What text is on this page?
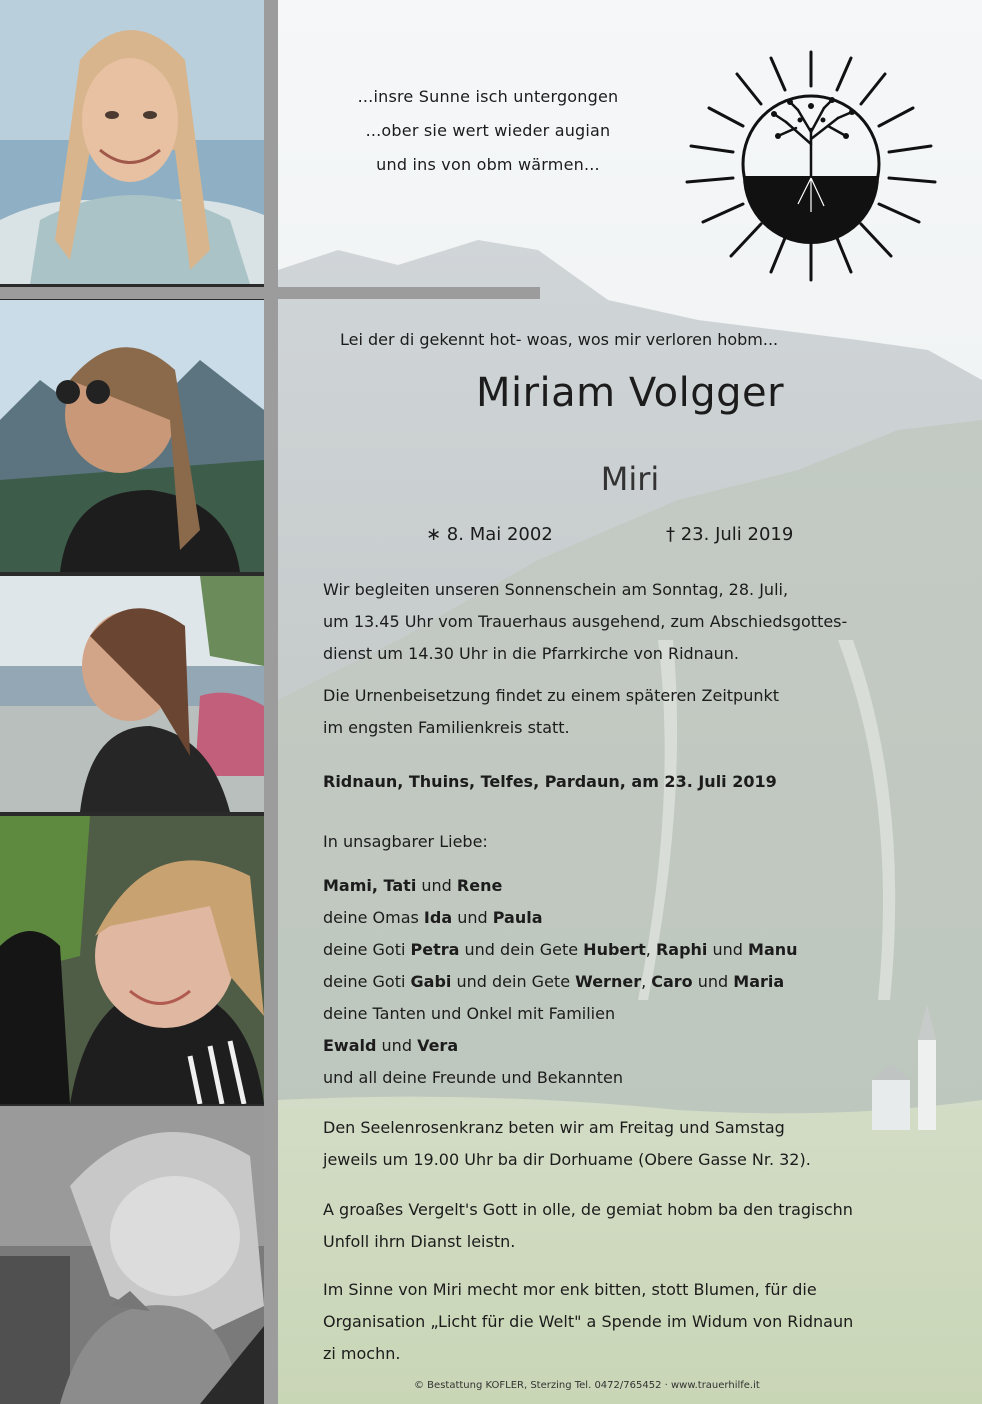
...insre Sunne isch untergongen
...ober sie wert wieder augian
und ins von obm wärmen...
Lei der di gekennt hot- woas, wos mir verloren hobm...
Miriam Volgger
Miri
∗ 8. Mai 2002	† 23. Juli 2019
Wir begleiten unseren Sonnenschein am Sonntag, 28. Juli,
um 13.45 Uhr vom Trauerhaus ausgehend, zum Abschiedsgottes-
dienst um 14.30 Uhr in die Pfarrkirche von Ridnaun.
Die Urnenbeisetzung findet zu einem späteren Zeitpunkt
im engsten Familienkreis statt.
Ridnaun, Thuins, Telfes, Pardaun, am 23. Juli 2019
In unsagbarer Liebe:
Mami, Tati und Rene
deine Omas Ida und Paula
deine Goti Petra und dein Gete Hubert, Raphi und Manu
deine Goti Gabi und dein Gete Werner, Caro und Maria
deine Tanten und Onkel mit Familien
Ewald und Vera
und all deine Freunde und Bekannten
Den Seelenrosenkranz beten wir am Freitag und Samstag
jeweils um 19.00 Uhr ba dir Dorhuame (Obere Gasse Nr. 32).
A groaßes Vergelt's Gott in olle, de gemiat hobm ba den tragischn
Unfoll ihrn Dianst leistn.
Im Sinne von Miri mecht mor enk bitten, stott Blumen, für die
Organisation „Licht für die Welt" a Spende im Widum von Ridnaun
zi mochn.
© Bestattung KOFLER, Sterzing Tel. 0472/765452 · www.trauerhilfe.it
